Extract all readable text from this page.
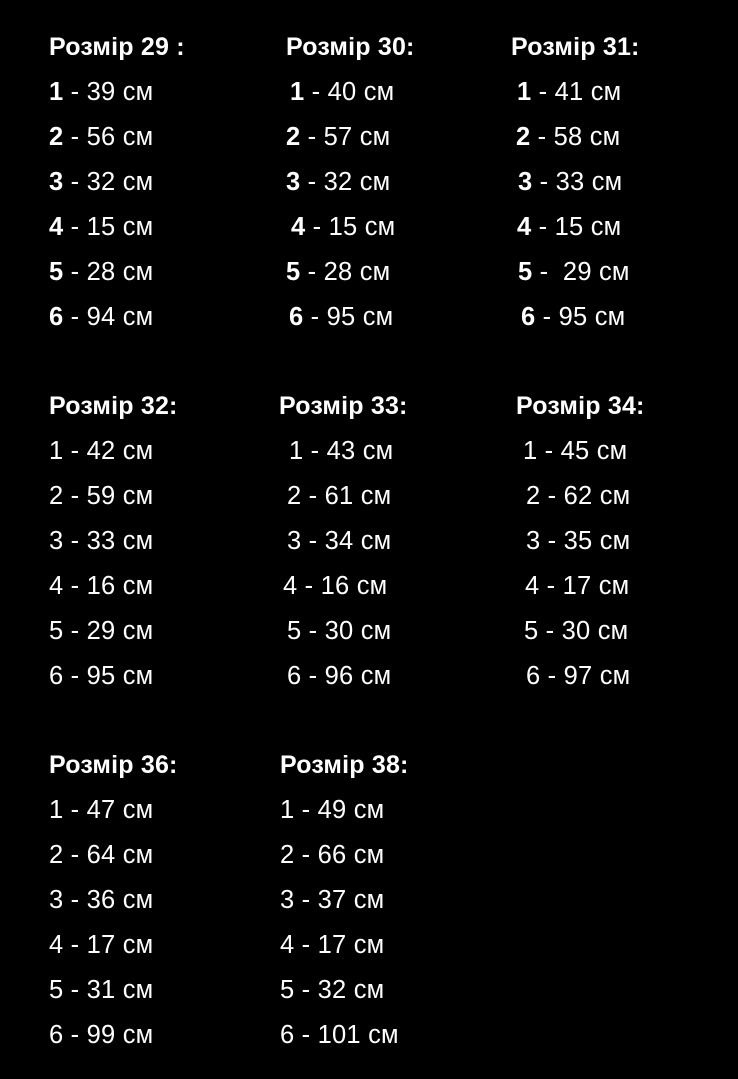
Розмір 29 :
1 - 39 см
2 - 56 см
3 - 32 см
4 - 15 см
5 - 28 см
6 - 94 см
Розмір 30:
1 - 40 см
2 - 57 см
3 - 32 см
4 - 15 см
5 - 28 см
6 - 95 см
Розмір 31:
1 - 41 см
2 - 58 см
3 - 33 см
4 - 15 см
5 -  29 см
6 - 95 см
Розмір 32:
1 - 42 см
2 - 59 см
3 - 33 см
4 - 16 см
5 - 29 см
6 - 95 см
Розмір 33:
1 - 43 см
2 - 61 см
3 - 34 см
4 - 16 см
5 - 30 см
6 - 96 см
Розмір 34:
1 - 45 см
2 - 62 см
3 - 35 см
4 - 17 см
5 - 30 см
6 - 97 см
Розмір 36:
1 - 47 см
2 - 64 см
3 - 36 см
4 - 17 см
5 - 31 см
6 - 99 см
Розмір 38:
1 - 49 см
2 - 66 см
3 - 37 см
4 - 17 см
5 - 32 см
6 - 101 см
